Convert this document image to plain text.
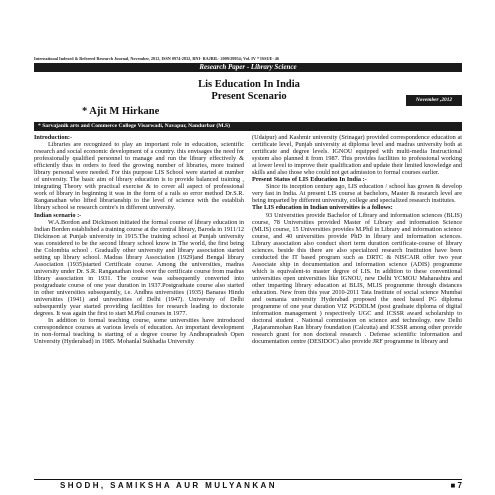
International Indexed & Refereed Research Journal, November, 2012, ISSN 0974-2832, RNI- RAJBIL- 2009/29954; Vol. IV * ISSUE- 46
Research Paper - Library Science
Lis Education In India
Present Scenario
* Ajit M Hirkane
November ,2012
* Sarvajanik arts and Commerce College Visarwadi, Navapur, Nandurbar (M.S)

Introduction:-

Libraries are recognized to play an important role in education, scientific research and social economic development of a country. this envisages the need for professionally qualified personnel to manage and run the library effectively & efficiently thus in orders to feed the growing number of libraries, more trained library personal were needed. For this purpose LIS School were started at number of university. The basic aim of library education is to provide balanced training , integrating Theory with practical exercise & to cover all aspect of professional work of library in beginning it was in the form of a rails so error method Dr.S.R. Ranganathan who lifted librarianship to the level of science with the establish library school se research centre's in different university.

Indian scenario :-

W.A.Bordon and Dickinson initiated the formal course of library education in Indian Borden established a training course at the central library, Baroda in 1911/12 Dickinson at Punjab university in 1915.The training school at Punjab university was considered to be the second library school know in The world, the first being the Colombia school . Gradually other university and library association started setting up library school. Madras library Association (1929)and Bengal library Association (1935)started Certificate course. Among the universities, madras university under Dr. S.R. Ranganathan took over the certificate course from madras library association in 1931. The course was subsequently converted into postgraduate course of one year duration in 1937.Postgraduate course also started in other universities subsequently, i.e. Andhra universities (1935) Banaras Hindu universities (1941) and universities of Delhi (1947). University of Delhi subsequently year started providing facilities for research leading to doctorate degrees. It was again the first to start M.Phil courses in 1977.

In addition to formal teaching course, some universities have introduced correspondence courses at various levels of education. An important development in non-formal teaching is starting of a degree course by Andhrapradesh Open University (Hyderabad) in 1985. Mohanlal Sukhadia University

(Udaipur) and Kashmir university (Srinagar) provided correspondence education at certificate level, Punjab university at diploma level and madras university both at certificate and degree levels. IGNOU equipped with multi-media Instructional system also planned it from 1987. This provides facilities to professional working at lower level to improve their qualification and update their limited knowledge and skills and also those who could not get admission to formal courses earlier.

Present Status of LIS Education In India :-

Since its inception century ago, LIS education / school has grown & develop very fast in India. At present LIS course at bachelors, Master & research level are being imparted by different university, college and specialized research institutes.

The LIS education in Indian universities is a follows:

93 Universities provide Bachelor of Library and information sciences (BLIS) course, 78 Universities provided Master of Library and information Science (MLIS) course, 15 Universities provides M.Phil in Library and information science course, and 40 universities provide PhD in library and information sciences. Library association also conduct short term duration certificate-course of library sciences. beside this there are also specialized research Institution have been conducted the IT based program such as DRTC & NISCAIR offer two year Associate ship in documentation and information science (ADIS) programme which is equivalent-to master degree of LIS. In addition to these conventional universities open universities like IGNOU, new Delhi YCMOU Maharashtra and other imparting library education at BLIS, MLIS programme through distances education. New from this year 2010-2011 Tata Institute of social science Mumbai and osmania university Hyderabad proposed the need based PG diploma programme of one year duration VIZ PGDDLM (post graduate diploma of digital information management ) respectively UGC and ICSSR award scholarship to doctoral student . National commission on science and technology. new Delhi ,Rajarammohan Ran library foundation (Calcutta) and ICSSR among other provide research grant for non doctoral research . Defense scientific information and documentation centre (DESIDOC) also provide JRF programme in library and

SHODH, SAMIKSHA AUR MULYANKAN	■ 7
